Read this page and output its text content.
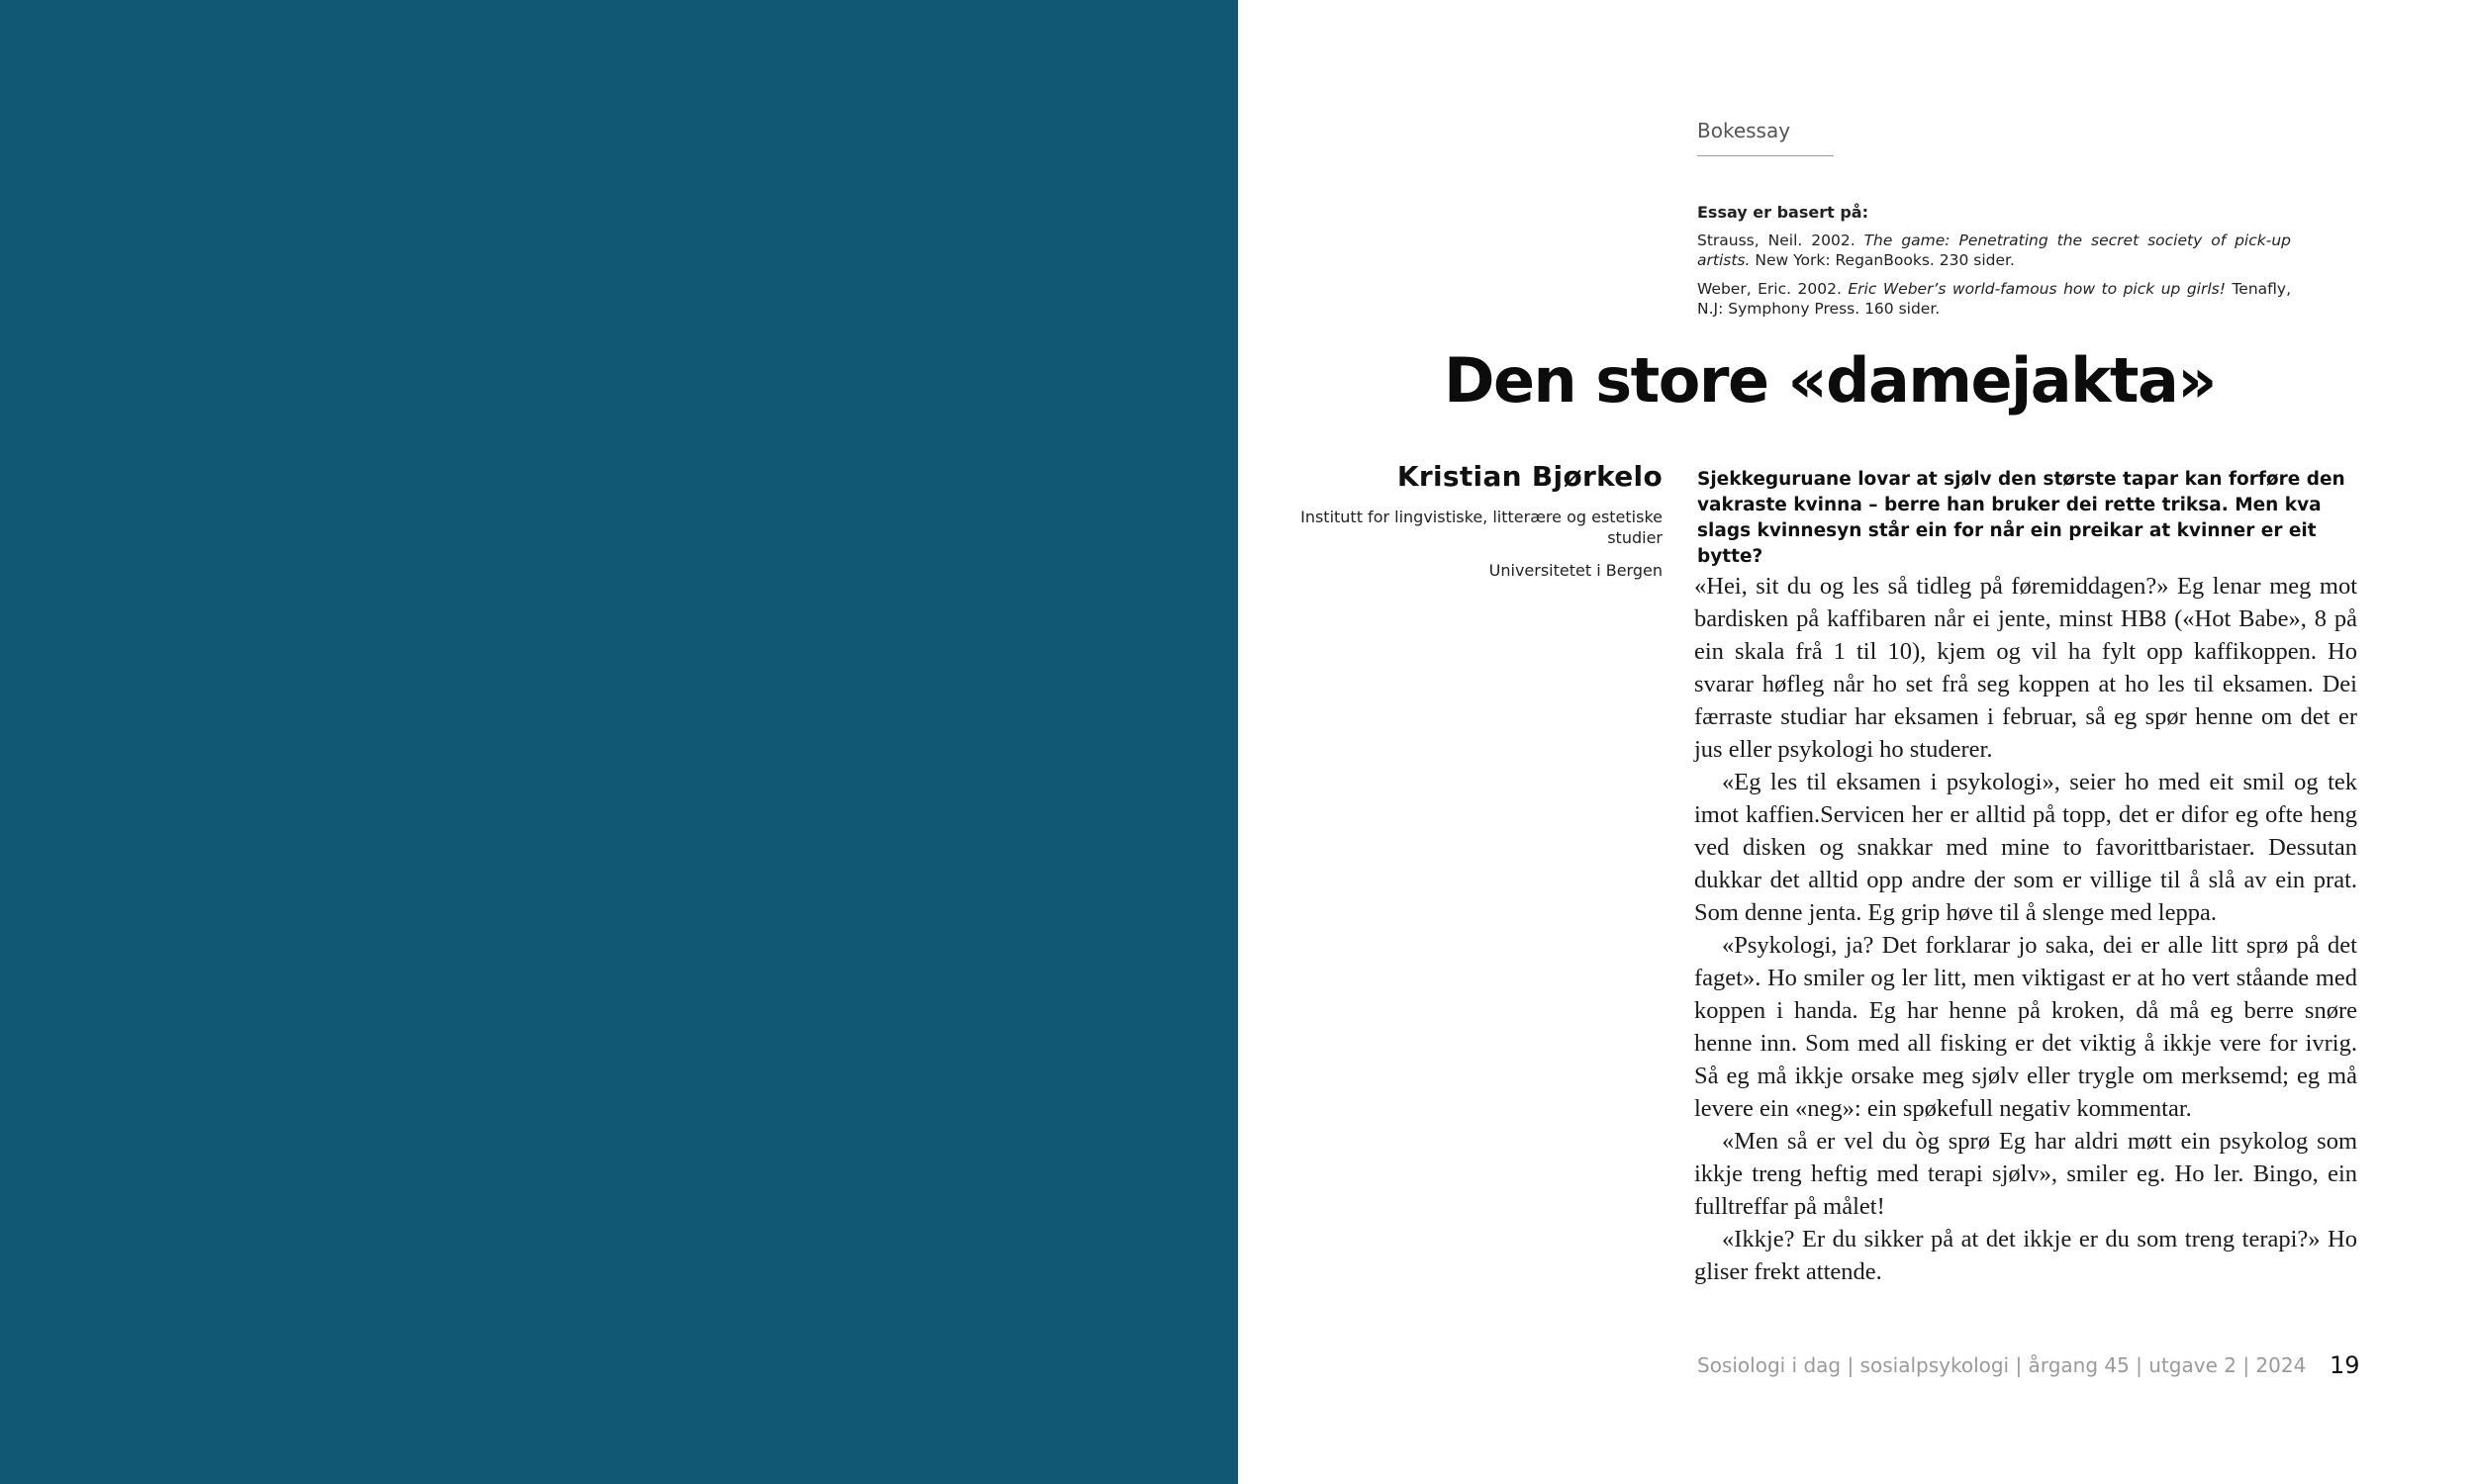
Bokessay
Essay er basert på:
Strauss, Neil. 2002. The game: Penetrating the secret society of pick-up artists. New York: ReganBooks. 230 sider.
Weber, Eric. 2002. Eric Weber’s world-famous how to pick up girls! Tenafly, N.J: Symphony Press. 160 sider.
Den store «damejakta»
Kristian Bjørkelo
Institutt for lingvistiske, litterære og estetiske studier
Universitetet i Bergen
Sjekkeguruane lovar at sjølv den største tapar kan forføre den vakraste kvinna – berre han bruker dei rette triksa. Men kva slags kvinnesyn står ein for når ein preikar at kvinner er eit bytte?

«Hei, sit du og les så tidleg på føremiddagen?» Eg lenar meg mot bardisken på kaffibaren når ei jente, minst HB8 («Hot Babe», 8 på ein skala frå 1 til 10), kjem og vil ha fylt opp kaffikoppen. Ho svarar høfleg når ho set frå seg koppen at ho les til eksamen. Dei færraste studiar har eksamen i februar, så eg spør henne om det er jus eller psykologi ho studerer.

«Eg les til eksamen i psykologi», seier ho med eit smil og tek imot kaffien.Servicen her er alltid på topp, det er difor eg ofte heng ved disken og snakkar med mine to favorittbaristaer. Dessutan dukkar det alltid opp andre der som er villige til å slå av ein prat. Som denne jenta. Eg grip høve til å slenge med leppa.

«Psykologi, ja? Det forklarar jo saka, dei er alle litt sprø på det faget». Ho smiler og ler litt, men viktigast er at ho vert ståande med koppen i handa. Eg har henne på kroken, då må eg berre snøre henne inn. Som med all fisking er det viktig å ikkje vere for ivrig. Så eg må ikkje orsake meg sjølv eller trygle om merksemd; eg må levere ein «neg»: ein spøkefull negativ kommentar.

«Men så er vel du òg sprø Eg har aldri møtt ein psykolog som ikkje treng heftig med terapi sjølv», smiler eg. Ho ler. Bingo, ein fulltreffar på målet!

«Ikkje? Er du sikker på at det ikkje er du som treng terapi?» Ho gliser frekt attende.

Sosiologi i dag | sosialpsykologi | årgang 45 | utgave 2 | 2024 19
